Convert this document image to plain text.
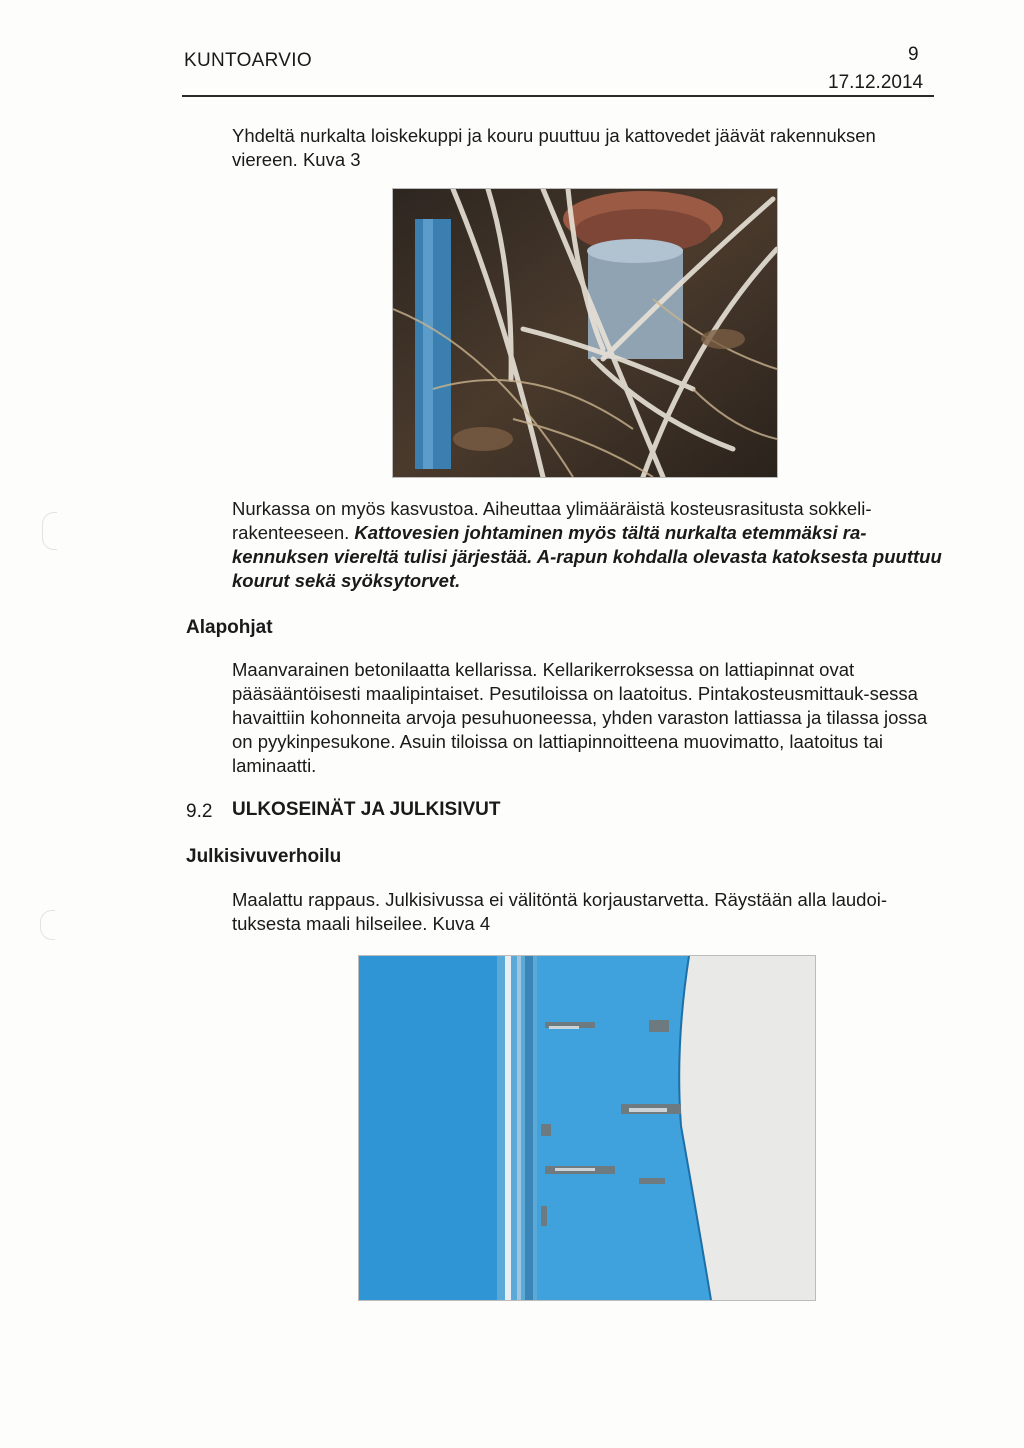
KUNTOARVIO	9
17.12.2014
Yhdeltä nurkalta loiskekuppi ja kouru puuttuu ja kattovedet jäävät rakennuksen viereen. Kuva 3
Nurkassa on myös kasvustoa. Aiheuttaa ylimääräistä kosteusrasitusta sokkeli-rakenteeseen. Kattovesien johtaminen myös tältä nurkalta etemmäksi ra-kennuksen viereltä tulisi järjestää. A-rapun kohdalla olevasta katoksesta puuttuu kourut sekä syöksytorvet.
Alapohjat
Maanvarainen betonilaatta kellarissa. Kellarikerroksessa on lattiapinnat ovat pääsääntöisesti maalipintaiset. Pesutiloissa on laatoitus. Pintakosteusmittauk-sessa havaittiin kohonneita arvoja pesuhuoneessa, yhden varaston lattiassa ja tilassa jossa on pyykinpesukone. Asuin tiloissa on lattiapinnoitteena muovimatto, laatoitus tai laminaatti.
9.2 ULKOSEINÄT JA JULKISIVUT
Julkisivuverhoilu
Maalattu rappaus. Julkisivussa ei välitöntä korjaustarvetta. Räystään alla laudoi-tuksesta maali hilseilee. Kuva 4
